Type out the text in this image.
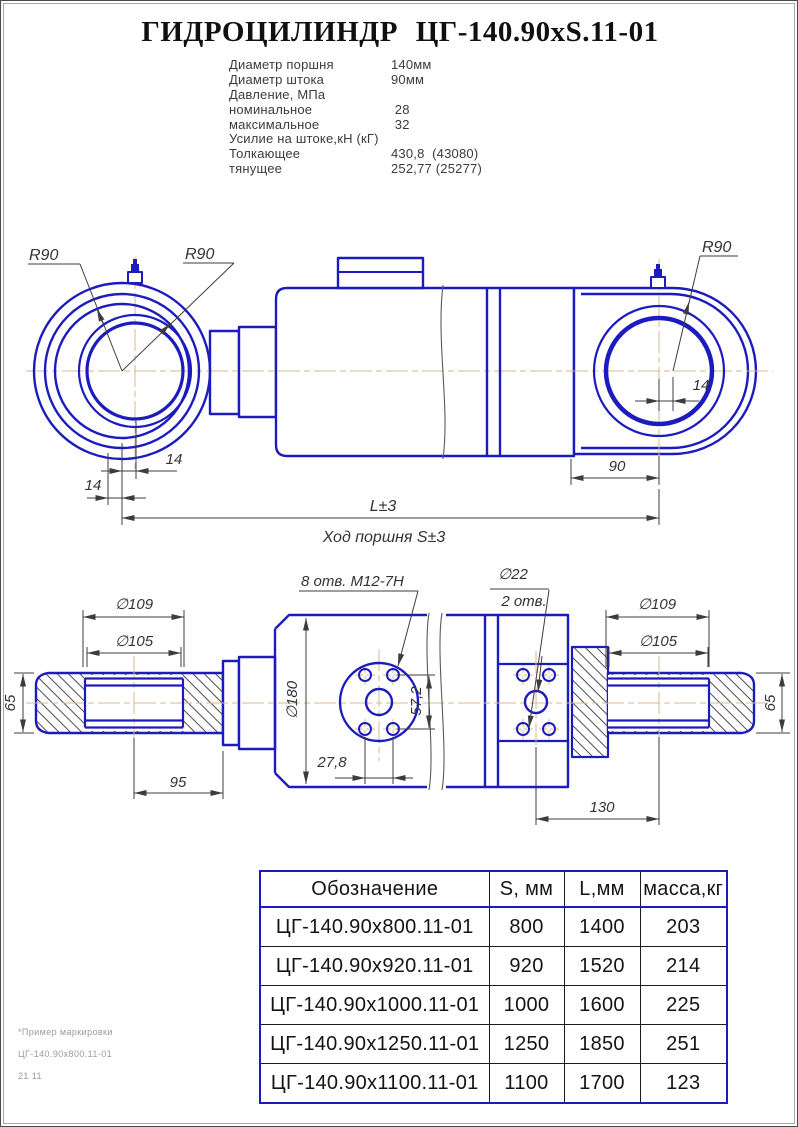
ГИДРОЦИЛИНДР ЦГ-140.90xS.11-01
Диаметр поршня	140мм
Диаметр штока	90мм
Давление, МПа
номинальное	28
максимальное	32
Усилие на штоке,кН (кГ)
Толкающее	430,8  (43080)
тянущее	252,77 (25277)
R90	R90	R90
14
14
14
90
L±3
Ход поршня S±3
8 отв. М12-7Н	∅22
2 отв.
∅109
∅105
∅109
∅105
∅180	57,2
27,8
95
130
65	65
Обозначение	S, мм	L,мм	масса,кг
ЦГ-140.90x800.11-01	800	1400	203
ЦГ-140.90x920.11-01	920	1520	214
ЦГ-140.90x1000.11-01	1000	1600	225
ЦГ-140.90x1250.11-01	1250	1850	251
ЦГ-140.90x1100.11-01	1100	1700	123
*Пример маркировки
ЦГ-140.90x800.11-01
21 11
